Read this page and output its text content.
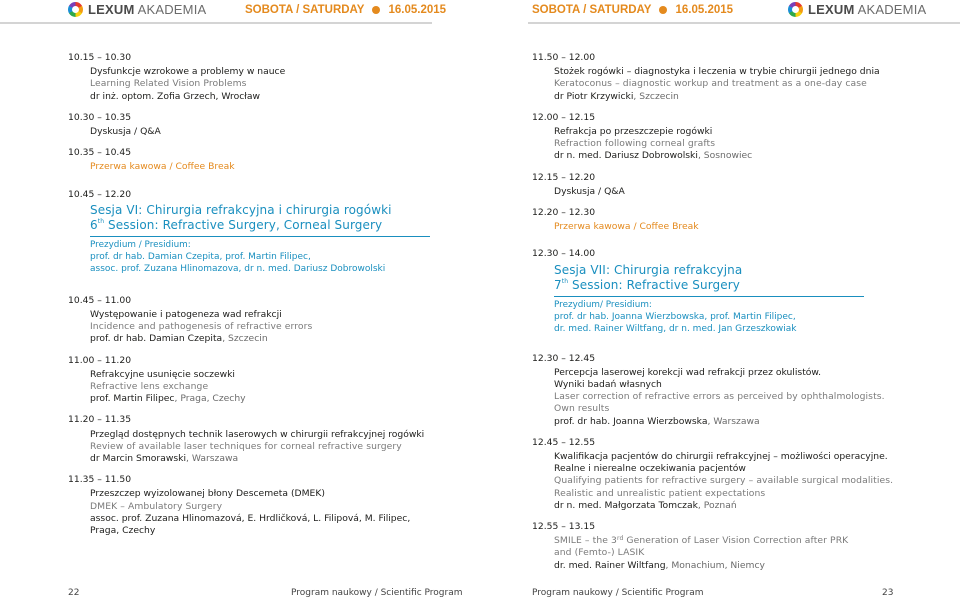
LEXUM AKADEMIA	SOBOTA / SATURDAY 16.05.2015	SOBOTA / SATURDAY 16.05.2015	LEXUM AKADEMIA
10.15 – 10.30
Dysfunkcje wzrokowe a problemy w nauce
Learning Related Vision Problems
dr inż. optom. Zofia Grzech, Wrocław
10.30 – 10.35
Dyskusja / Q&A
10.35 – 10.45
Przerwa kawowa / Coffee Break
10.45 – 12.20
Sesja VI: Chirurgia refrakcyjna i chirurgia rogówki
6th Session: Refractive Surgery, Corneal Surgery
Prezydium / Presidium:
prof. dr hab. Damian Czepita, prof. Martin Filipec,
assoc. prof. Zuzana Hlinomazova, dr n. med. Dariusz Dobrowolski
10.45 – 11.00
Występowanie i patogeneza wad refrakcji
Incidence and pathogenesis of refractive errors
prof. dr hab. Damian Czepita, Szczecin
11.00 – 11.20
Refrakcyjne usunięcie soczewki
Refractive lens exchange
prof. Martin Filipec, Praga, Czechy
11.20 – 11.35
Przegląd dostępnych technik laserowych w chirurgii refrakcyjnej rogówki
Review of available laser techniques for corneal refractive surgery
dr Marcin Smorawski, Warszawa
11.35 – 11.50
Przeszczep wyizolowanej błony Descemeta (DMEK)
DMEK – Ambulatory Surgery
assoc. prof. Zuzana Hlinomazová, E. Hrdličková, L. Filipová, M. Filipec,
Praga, Czechy
11.50 – 12.00
Stożek rogówki – diagnostyka i leczenia w trybie chirurgii jednego dnia
Keratoconus – diagnostic workup and treatment as a one-day case
dr Piotr Krzywicki, Szczecin
12.00 – 12.15
Refrakcja po przeszczepie rogówki
Refraction following corneal grafts
dr n. med. Dariusz Dobrowolski, Sosnowiec
12.15 – 12.20
Dyskusja / Q&A
12.20 – 12.30
Przerwa kawowa / Coffee Break
12.30 – 14.00
Sesja VII: Chirurgia refrakcyjna
7th Session: Refractive Surgery
Prezydium/ Presidium:
prof. dr hab. Joanna Wierzbowska, prof. Martin Filipec,
dr. med. Rainer Wiltfang, dr n. med. Jan Grzeszkowiak
12.30 – 12.45
Percepcja laserowej korekcji wad refrakcji przez okulistów.
Wyniki badań własnych
Laser correction of refractive errors as perceived by ophthalmologists.
Own results
prof. dr hab. Joanna Wierzbowska, Warszawa
12.45 – 12.55
Kwalifikacja pacjentów do chirurgii refrakcyjnej – możliwości operacyjne.
Realne i nierealne oczekiwania pacjentów
Qualifying patients for refractive surgery – available surgical modalities.
Realistic and unrealistic patient expectations
dr n. med. Małgorzata Tomczak, Poznań
12.55 – 13.15
SMILE – the 3rd Generation of Laser Vision Correction after PRK
and (Femto-) LASIK
dr. med. Rainer Wiltfang, Monachium, Niemcy
22	Program naukowy / Scientific Program	Program naukowy / Scientific Program	23
